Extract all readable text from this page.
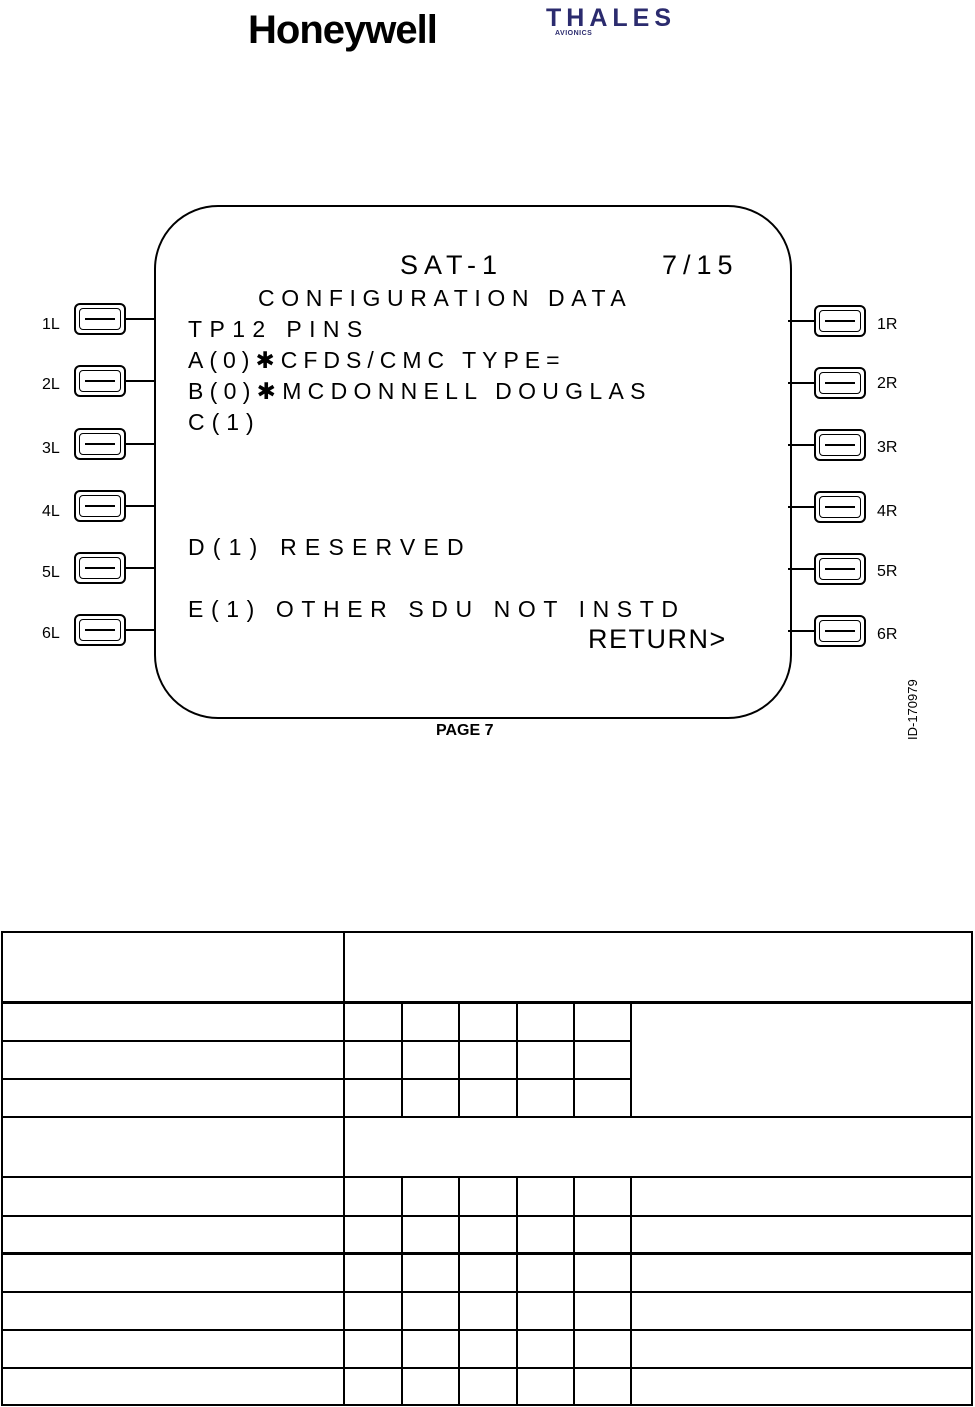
Honeywell	THALES
AVIONICS
SAT-1	7/15
CONFIGURATION DATA
TP12 PINS
A(0)✱CFDS/CMC TYPE=
B(0)✱MCDONNELL DOUGLAS
C(1)
D(1) RESERVED
E(1) OTHER SDU NOT INSTD
RETURN>
1L
2L
3L
4L
5L
6L
1R
2R
3R
4R
5R
6R
PAGE 7	ID-170979
